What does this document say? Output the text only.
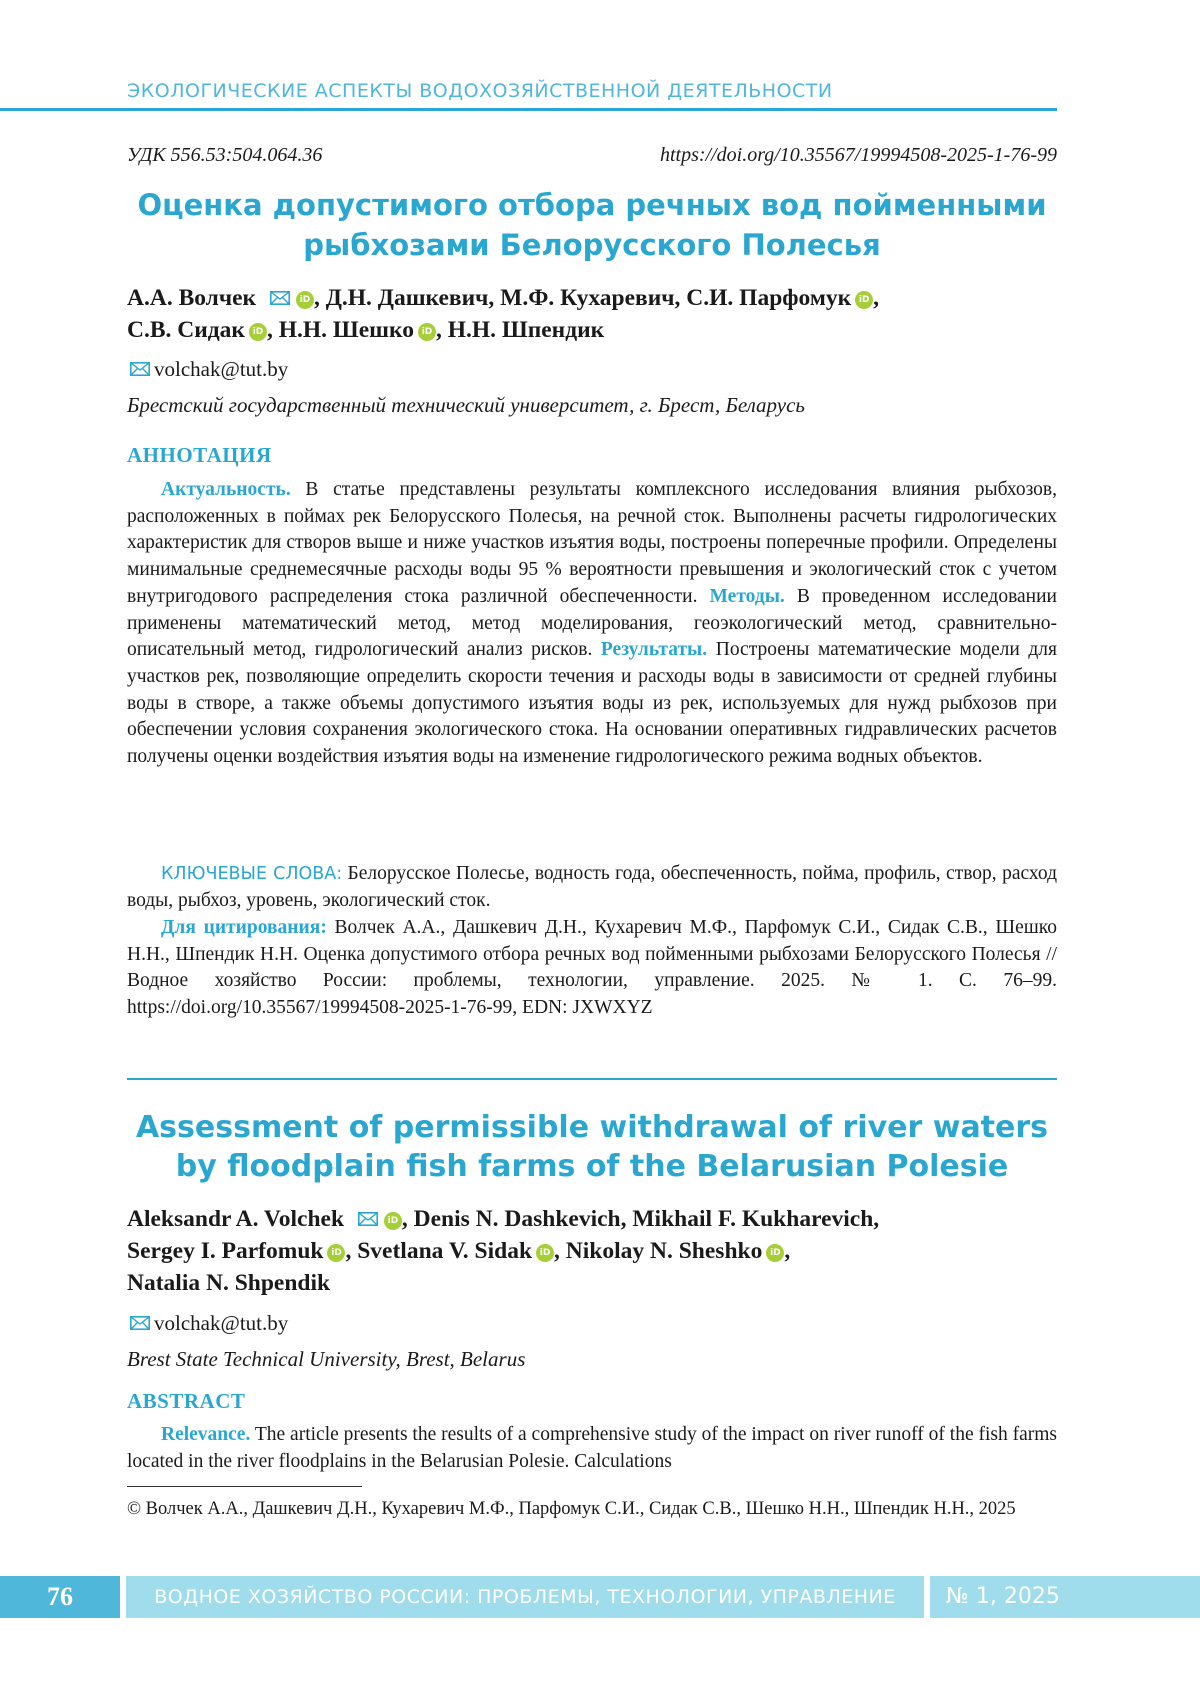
ЭКОЛОГИЧЕСКИЕ АСПЕКТЫ ВОДОХОЗЯЙСТВЕННОЙ ДЕЯТЕЛЬНОСТИ
УДК 556.53:504.064.36	https://doi.org/10.35567/19994508-2025-1-76-99
Оценка допустимого отбора речных вод пойменными рыбхозами Белорусского Полесья
А.А. Волчек	iD , Д.Н. Дашкевич, М.Ф. Кухаревич, С.И. Парфомук iD ,
С.В. Сидак iD , Н.Н. Шешко iD , Н.Н. Шпендик
volchak@tut.by
Брестский государственный технический университет, г. Брест, Беларусь
АННОТАЦИЯ

Актуальность. В статье представлены результаты комплексного исследования влияния рыбхозов, расположенных в поймах рек Белорусского Полесья, на речной сток. Выполнены расчеты гидрологических характеристик для створов выше и ниже участков изъятия воды, построены поперечные профили. Определены минимальные среднемесячные расходы воды 95 % вероятности превышения и экологический сток с учетом внутригодового распределения стока различной обеспеченности. Методы. В проведенном исследовании применены математический метод, метод моделирования, геоэкологический метод, сравнительно-описательный метод, гидрологический анализ рисков. Результаты. Построены математические модели для участков рек, позволяющие определить скорости течения и расходы воды в зависимости от средней глубины воды в створе, а также объемы допустимого изъятия воды из рек, используемых для нужд рыбхозов при обеспечении условия сохранения экологического стока. На основании оперативных гидравлических расчетов получены оценки воздействия изъятия воды на изменение гидрологического режима водных объектов.

КЛЮЧЕВЫЕ СЛОВА: Белорусское Полесье, водность года, обеспеченность, пойма, профиль, створ, расход воды, рыбхоз, уровень, экологический сток.

Для цитирования: Волчек А.А., Дашкевич Д.Н., Кухаревич М.Ф., Парфомук С.И., Сидак С.В., Шешко Н.Н., Шпендик Н.Н. Оценка допустимого отбора речных вод пойменными рыбхозами Белорусского Полесья // Водное хозяйство России: проблемы, технологии, управление. 2025. № 1. С. 76–99. https://doi.org/10.35567/19994508-2025-1-76-99, EDN: JXWXYZ

Assessment of permissible withdrawal of river waters by floodplain fish farms of the Belarusian Polesie
Aleksandr A. Volchek	iD , Denis N. Dashkevich, Mikhail F. Kukharevich,
Sergey I. Parfomuk iD , Svetlana V. Sidak iD , Nikolay N. Sheshko iD ,
Natalia N. Shpendik
volchak@tut.by
Brest State Technical University, Brest, Belarus
ABSTRACT

Relevance. The article presents the results of a comprehensive study of the impact on river runoff of the fish farms located in the river floodplains in the Belarusian Polesie. Calculations

© Волчек А.А., Дашкевич Д.Н., Кухаревич М.Ф., Парфомук С.И., Сидак С.В., Шешко Н.Н., Шпендик Н.Н., 2025
76	ВОДНОЕ ХОЗЯЙСТВО РОССИИ: ПРОБЛЕМЫ, ТЕХНОЛОГИИ, УПРАВЛЕНИЕ	№ 1, 2025
